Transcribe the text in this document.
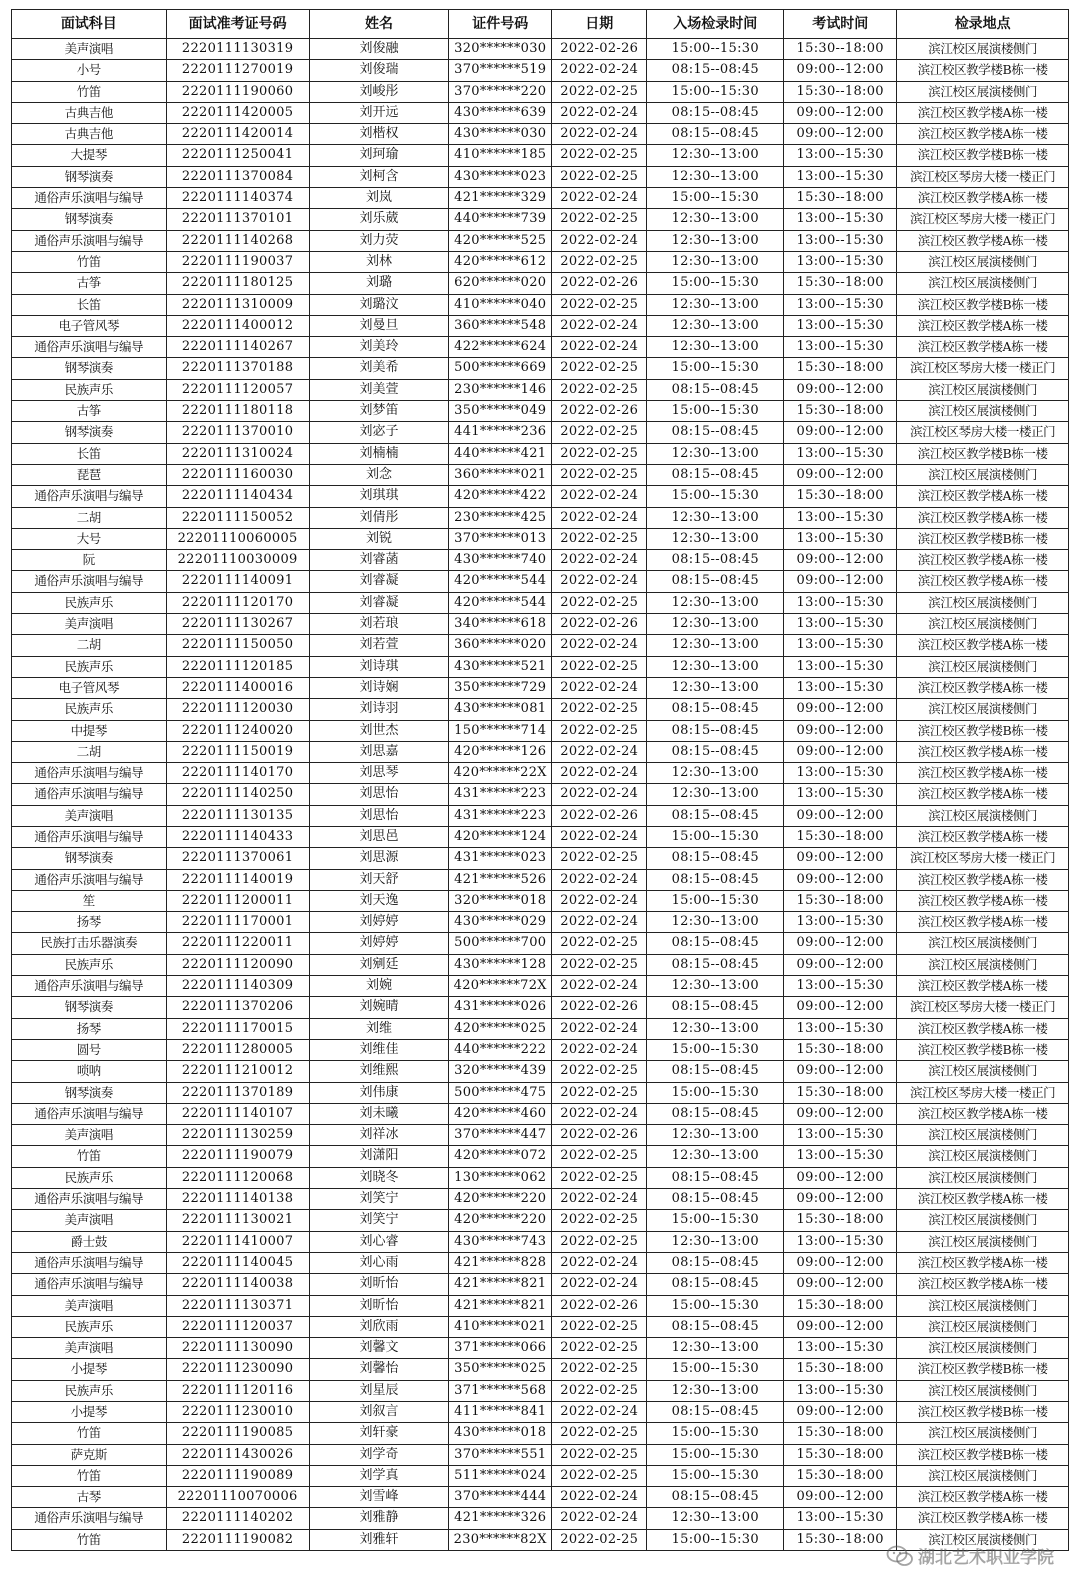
面试科目	面试准考证号码	姓名	证件号码	日期	入场检录时间	考试时间	检录地点
美声演唱	2220111130319	刘俊融	320******030	2022-02-26	15:00--15:30	15:30--18:00	滨江校区展演楼侧门
小号	2220111270019	刘俊瑞	370******519	2022-02-24	08:15--08:45	09:00--12:00	滨江校区教学楼B栋一楼
竹笛	2220111190060	刘峻彤	370******220	2022-02-25	15:00--15:30	15:30--18:00	滨江校区展演楼侧门
古典吉他	2220111420005	刘开远	430******639	2022-02-24	08:15--08:45	09:00--12:00	滨江校区教学楼A栋一楼
古典吉他	2220111420014	刘楷权	430******030	2022-02-24	08:15--08:45	09:00--12:00	滨江校区教学楼A栋一楼
大提琴	2220111250041	刘珂瑜	410******185	2022-02-25	12:30--13:00	13:00--15:30	滨江校区教学楼B栋一楼
钢琴演奏	2220111370084	刘柯含	430******023	2022-02-25	12:30--13:00	13:00--15:30	滨江校区琴房大楼一楼正门
通俗声乐演唱与编导	2220111140374	刘岚	421******329	2022-02-24	15:00--15:30	15:30--18:00	滨江校区教学楼A栋一楼
钢琴演奏	2220111370101	刘乐葳	440******739	2022-02-25	12:30--13:00	13:00--15:30	滨江校区琴房大楼一楼正门
通俗声乐演唱与编导	2220111140268	刘力荧	420******525	2022-02-24	12:30--13:00	13:00--15:30	滨江校区教学楼A栋一楼
竹笛	2220111190037	刘林	420******612	2022-02-25	12:30--13:00	13:00--15:30	滨江校区展演楼侧门
古筝	2220111180125	刘璐	620******020	2022-02-26	15:00--15:30	15:30--18:00	滨江校区展演楼侧门
长笛	2220111310009	刘璐汶	410******040	2022-02-25	12:30--13:00	13:00--15:30	滨江校区教学楼B栋一楼
电子管风琴	2220111400012	刘曼旦	360******548	2022-02-24	12:30--13:00	13:00--15:30	滨江校区教学楼A栋一楼
通俗声乐演唱与编导	2220111140267	刘美玲	422******624	2022-02-24	12:30--13:00	13:00--15:30	滨江校区教学楼A栋一楼
钢琴演奏	2220111370188	刘美希	500******669	2022-02-25	15:00--15:30	15:30--18:00	滨江校区琴房大楼一楼正门
民族声乐	2220111120057	刘美萱	230******146	2022-02-25	08:15--08:45	09:00--12:00	滨江校区展演楼侧门
古筝	2220111180118	刘梦笛	350******049	2022-02-26	15:00--15:30	15:30--18:00	滨江校区展演楼侧门
钢琴演奏	2220111370010	刘宓子	441******236	2022-02-25	08:15--08:45	09:00--12:00	滨江校区琴房大楼一楼正门
长笛	2220111310024	刘楠楠	440******421	2022-02-25	12:30--13:00	13:00--15:30	滨江校区教学楼B栋一楼
琵琶	2220111160030	刘念	360******021	2022-02-25	08:15--08:45	09:00--12:00	滨江校区展演楼侧门
通俗声乐演唱与编导	2220111140434	刘琪琪	420******422	2022-02-24	15:00--15:30	15:30--18:00	滨江校区教学楼A栋一楼
二胡	2220111150052	刘倩彤	230******425	2022-02-24	12:30--13:00	13:00--15:30	滨江校区教学楼A栋一楼
大号	22201110060005	刘锐	370******013	2022-02-25	12:30--13:00	13:00--15:30	滨江校区教学楼B栋一楼
阮	22201110030009	刘睿菡	430******740	2022-02-24	08:15--08:45	09:00--12:00	滨江校区教学楼A栋一楼
通俗声乐演唱与编导	2220111140091	刘睿凝	420******544	2022-02-24	08:15--08:45	09:00--12:00	滨江校区教学楼A栋一楼
民族声乐	2220111120170	刘睿凝	420******544	2022-02-25	12:30--13:00	13:00--15:30	滨江校区展演楼侧门
美声演唱	2220111130267	刘若琅	340******618	2022-02-26	12:30--13:00	13:00--15:30	滨江校区展演楼侧门
二胡	2220111150050	刘若萱	360******020	2022-02-24	12:30--13:00	13:00--15:30	滨江校区教学楼A栋一楼
民族声乐	2220111120185	刘诗琪	430******521	2022-02-25	12:30--13:00	13:00--15:30	滨江校区展演楼侧门
电子管风琴	2220111400016	刘诗娴	350******729	2022-02-24	12:30--13:00	13:00--15:30	滨江校区教学楼A栋一楼
民族声乐	2220111120030	刘诗羽	430******081	2022-02-25	08:15--08:45	09:00--12:00	滨江校区展演楼侧门
中提琴	2220111240020	刘世杰	150******714	2022-02-25	08:15--08:45	09:00--12:00	滨江校区教学楼B栋一楼
二胡	2220111150019	刘思嘉	420******126	2022-02-24	08:15--08:45	09:00--12:00	滨江校区教学楼A栋一楼
通俗声乐演唱与编导	2220111140170	刘思琴	420******22X	2022-02-24	12:30--13:00	13:00--15:30	滨江校区教学楼A栋一楼
通俗声乐演唱与编导	2220111140250	刘思怡	431******223	2022-02-24	12:30--13:00	13:00--15:30	滨江校区教学楼A栋一楼
美声演唱	2220111130135	刘思怡	431******223	2022-02-26	08:15--08:45	09:00--12:00	滨江校区展演楼侧门
通俗声乐演唱与编导	2220111140433	刘思邑	420******124	2022-02-24	15:00--15:30	15:30--18:00	滨江校区教学楼A栋一楼
钢琴演奏	2220111370061	刘思源	431******023	2022-02-25	08:15--08:45	09:00--12:00	滨江校区琴房大楼一楼正门
通俗声乐演唱与编导	2220111140019	刘天舒	421******526	2022-02-24	08:15--08:45	09:00--12:00	滨江校区教学楼A栋一楼
笙	2220111200011	刘天逸	320******018	2022-02-24	15:00--15:30	15:30--18:00	滨江校区教学楼A栋一楼
扬琴	2220111170001	刘婷婷	430******029	2022-02-24	12:30--13:00	13:00--15:30	滨江校区教学楼A栋一楼
民族打击乐器演奏	2220111220011	刘婷婷	500******700	2022-02-25	08:15--08:45	09:00--12:00	滨江校区展演楼侧门
民族声乐	2220111120090	刘剜廷	430******128	2022-02-25	08:15--08:45	09:00--12:00	滨江校区展演楼侧门
通俗声乐演唱与编导	2220111140309	刘婉	420******72X	2022-02-24	12:30--13:00	13:00--15:30	滨江校区教学楼A栋一楼
钢琴演奏	2220111370206	刘婉晴	431******026	2022-02-26	08:15--08:45	09:00--12:00	滨江校区琴房大楼一楼正门
扬琴	2220111170015	刘维	420******025	2022-02-24	12:30--13:00	13:00--15:30	滨江校区教学楼A栋一楼
圆号	2220111280005	刘维佳	440******222	2022-02-24	15:00--15:30	15:30--18:00	滨江校区教学楼B栋一楼
唢呐	2220111210012	刘维熙	320******439	2022-02-25	08:15--08:45	09:00--12:00	滨江校区展演楼侧门
钢琴演奏	2220111370189	刘伟康	500******475	2022-02-25	15:00--15:30	15:30--18:00	滨江校区琴房大楼一楼正门
通俗声乐演唱与编导	2220111140107	刘未曦	420******460	2022-02-24	08:15--08:45	09:00--12:00	滨江校区教学楼A栋一楼
美声演唱	2220111130259	刘祥冰	370******447	2022-02-26	12:30--13:00	13:00--15:30	滨江校区展演楼侧门
竹笛	2220111190079	刘潇阳	420******072	2022-02-25	12:30--13:00	13:00--15:30	滨江校区展演楼侧门
民族声乐	2220111120068	刘晓冬	130******062	2022-02-25	08:15--08:45	09:00--12:00	滨江校区展演楼侧门
通俗声乐演唱与编导	2220111140138	刘笑宁	420******220	2022-02-24	08:15--08:45	09:00--12:00	滨江校区教学楼A栋一楼
美声演唱	2220111130021	刘笑宁	420******220	2022-02-25	15:00--15:30	15:30--18:00	滨江校区展演楼侧门
爵士鼓	2220111410007	刘心睿	430******743	2022-02-25	12:30--13:00	13:00--15:30	滨江校区展演楼侧门
通俗声乐演唱与编导	2220111140045	刘心雨	421******828	2022-02-24	08:15--08:45	09:00--12:00	滨江校区教学楼A栋一楼
通俗声乐演唱与编导	2220111140038	刘昕怡	421******821	2022-02-24	08:15--08:45	09:00--12:00	滨江校区教学楼A栋一楼
美声演唱	2220111130371	刘昕怡	421******821	2022-02-26	15:00--15:30	15:30--18:00	滨江校区展演楼侧门
民族声乐	2220111120037	刘欣雨	410******021	2022-02-25	08:15--08:45	09:00--12:00	滨江校区展演楼侧门
美声演唱	2220111130090	刘馨文	371******066	2022-02-25	12:30--13:00	13:00--15:30	滨江校区展演楼侧门
小提琴	2220111230090	刘馨怡	350******025	2022-02-25	15:00--15:30	15:30--18:00	滨江校区教学楼B栋一楼
民族声乐	2220111120116	刘星辰	371******568	2022-02-25	12:30--13:00	13:00--15:30	滨江校区展演楼侧门
小提琴	2220111230010	刘叙言	411******841	2022-02-24	08:15--08:45	09:00--12:00	滨江校区教学楼B栋一楼
竹笛	2220111190085	刘轩豪	430******018	2022-02-25	15:00--15:30	15:30--18:00	滨江校区展演楼侧门
萨克斯	2220111430026	刘学奇	370******551	2022-02-25	15:00--15:30	15:30--18:00	滨江校区教学楼B栋一楼
竹笛	2220111190089	刘学真	511******024	2022-02-25	15:00--15:30	15:30--18:00	滨江校区展演楼侧门
古琴	22201110070006	刘雪峰	370******444	2022-02-24	08:15--08:45	09:00--12:00	滨江校区教学楼A栋一楼
通俗声乐演唱与编导	2220111140202	刘雅静	421******326	2022-02-24	12:30--13:00	13:00--15:30	滨江校区教学楼A栋一楼
竹笛	2220111190082	刘雅轩	230******82X	2022-02-25	15:00--15:30	15:30--18:00	滨江校区展演楼侧门
湖北艺术职业学院
